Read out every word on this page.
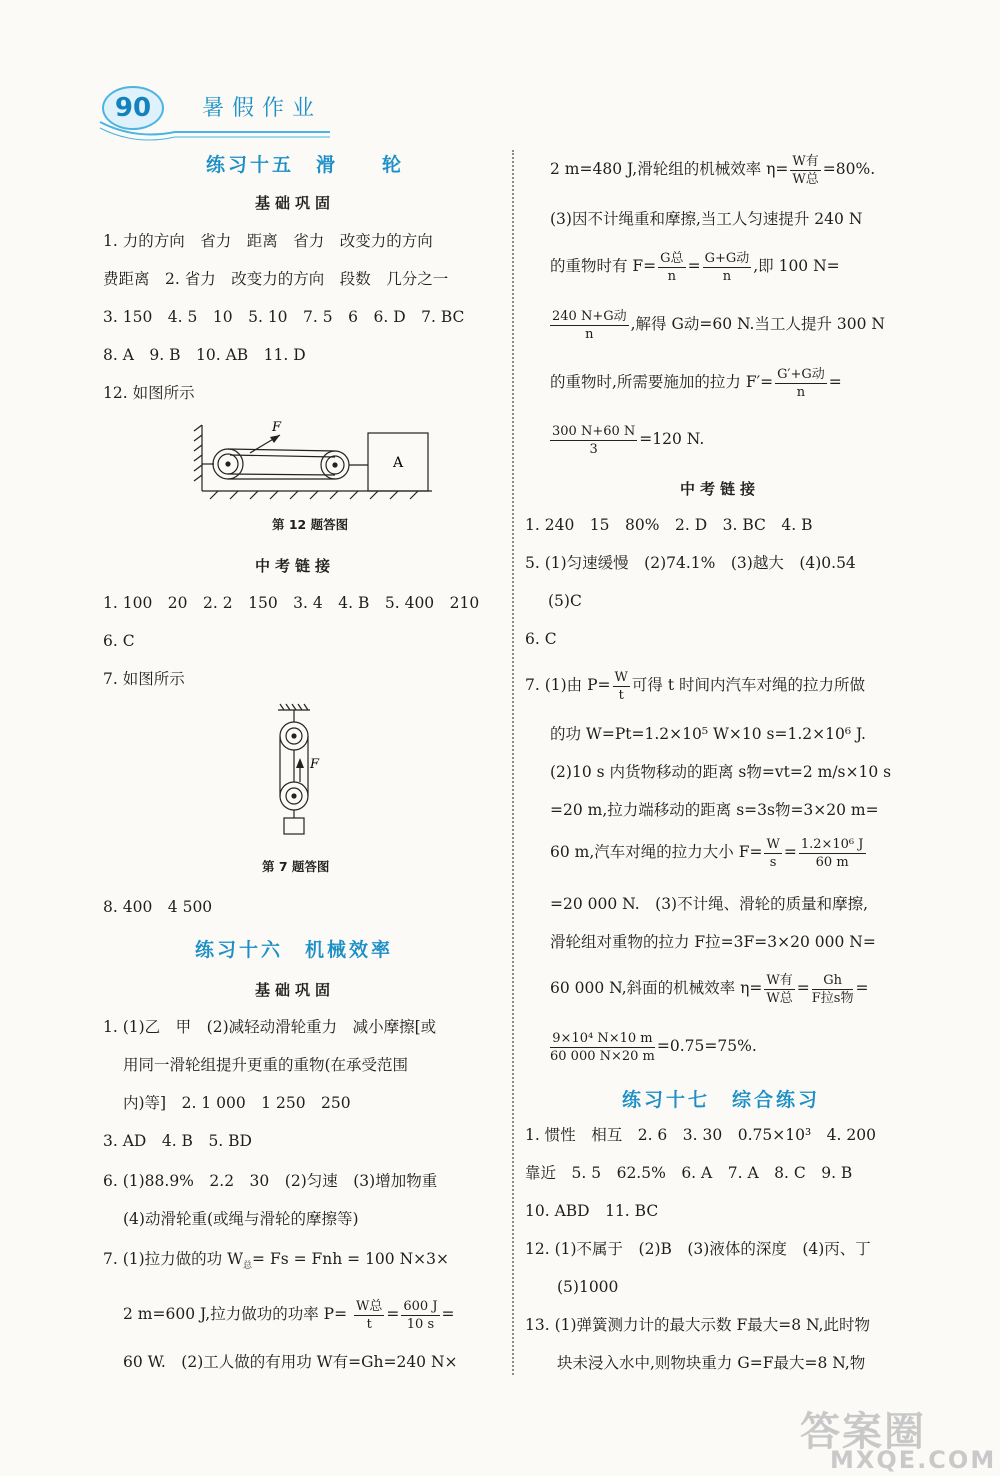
90	暑假作业
练习十五　滑　　轮
基础巩固
1. 力的方向　省力　距离　省力　改变力的方向
费距离　2. 省力　改变力的方向　段数　几分之一
3. 150　4. 5　10　5. 10　7. 5　6　6. D　7. BC
8. A　9. B　10. AB　11. D
12. 如图所示
F
A
第 12 题答图
中考链接
1. 100　20　2. 2　150　3. 4　4. B　5. 400　210
6. C
7. 如图所示
F
第 7 题答图
8. 400　4 500
练习十六　机械效率
基础巩固
1. (1)乙　甲　(2)减轻动滑轮重力　减小摩擦[或
用同一滑轮组提升更重的重物(在承受范围
内)等]　2. 1 000　1 250　250
3. AD　4. B　5. BD
6. (1)88.9%　2.2　30　(2)匀速　(3)增加物重
(4)动滑轮重(或绳与滑轮的摩擦等)
7. (1)拉力做的功 $W_总= Fs$ = Fnh = 100 N×3×
2 m=600 J,拉力做功的功率 $P= \frac{\text{W总}}{t} = \frac{600 J}{10 s}$ =
60 W.　(2)工人做的有用功 W有=Gh=240 N×
2 m=480 J,滑轮组的机械效率 $\eta= \frac{\text{W有}}{\text{W总}} =80\%$.
(3)因不计绳重和摩擦,当工人匀速提升 240 N
的重物时有 $F= \frac{\text{G总}}{n} = \frac{\text{G+G动}}{n}$ ,即 100 N=
$\frac{\text{240 N+G动}}{n}$ ,解得 G动=60 N.当工人提升 300 N
的重物时,所需要施加的拉力 $F'= \frac{\text{G′+G动}}{n}$ =
$\frac{300 N+60 N}{3} =120$ N.
中考链接
1. 240　15　80%　2. D　3. BC　4. B
5. (1)匀速缓慢　(2)74.1%　(3)越大　(4)0.54
(5)C
6. C
7. (1)由 $P= \frac{W}{t}$ 可得 t 时间内汽车对绳的拉力所做
的功 W=Pt=1.2×10⁵ W×10 s=1.2×10⁶ J.
(2)10 s 内货物移动的距离 s物=vt=2 m/s×10 s
=20 m,拉力端移动的距离 s=3s物=3×20 m=
60 m,汽车对绳的拉力大小 $F= \frac{W}{s} = \frac{\text{1.2×10⁶ J}}{60 m}$
=20 000 N.　(3)不计绳、滑轮的质量和摩擦,
滑轮组对重物的拉力 F拉=3F=3×20 000 N=
60 000 N,斜面的机械效率 $\eta= \frac{\text{W有}}{\text{W总}} = \frac{Gh}{\text{F拉s物}}$ =
$\frac{\text{9×10⁴ N×10 m}}{60 000 N\times 20 m} =0.75=75\%$.
练习十七　综合练习
1. 惯性　相互　2. 6　3. 30　0.75×10³　4. 200
靠近　5. 5　62.5%　6. A　7. A　8. C　9. B
10. ABD　11. BC
12. (1)不属于　(2)B　(3)液体的深度　(4)丙、丁
(5)1000
13. (1)弹簧测力计的最大示数 F最大=8 N,此时物
块未浸入水中,则物块重力 G=F最大=8 N,物
答案圈
MXQE.COM
